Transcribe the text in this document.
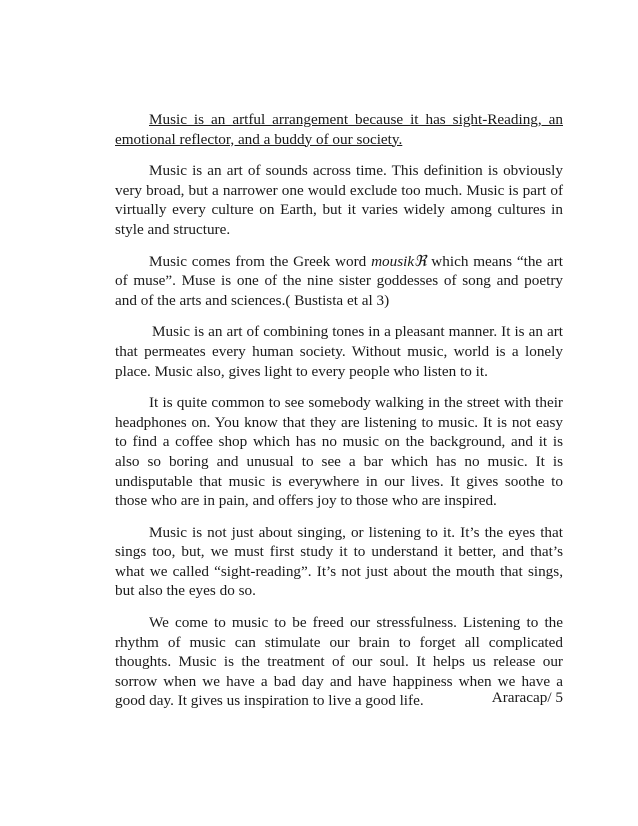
Music is an artful arrangement because it has sight-Reading, an emotional reflector, and a buddy of our society.

Music is an art of sounds across time. This definition is obviously very broad, but a narrower one would exclude too much. Music is part of virtually every culture on Earth, but it varies widely among cultures in style and structure.

Music comes from the Greek word mousikℜ which means “the art of muse”. Muse is one of the nine sister goddesses of song and poetry and of the arts and sciences.( Bustista et al 3)

Music is an art of combining tones in a pleasant manner. It is an art that permeates every human society. Without music, world is a lonely place. Music also, gives light to every people who listen to it.

It is quite common to see somebody walking in the street with their headphones on. You know that they are listening to music. It is not easy to find a coffee shop which has no music on the background, and it is also so boring and unusual to see a bar which has no music. It is undisputable that music is everywhere in our lives. It gives soothe to those who are in pain, and offers joy to those who are inspired.

Music is not just about singing, or listening to it. It’s the eyes that sings too, but, we must first study it to understand it better, and that’s what we called “sight-reading”. It’s not just about the mouth that sings, but also the eyes do so.

We come to music to be freed our stressfulness. Listening to the rhythm of music can stimulate our brain to forget all complicated thoughts. Music is the treatment of our soul. It helps us release our sorrow when we have a bad day and have happiness when we have a good day. It gives us inspiration to live a good life.	Araracap/ 5
